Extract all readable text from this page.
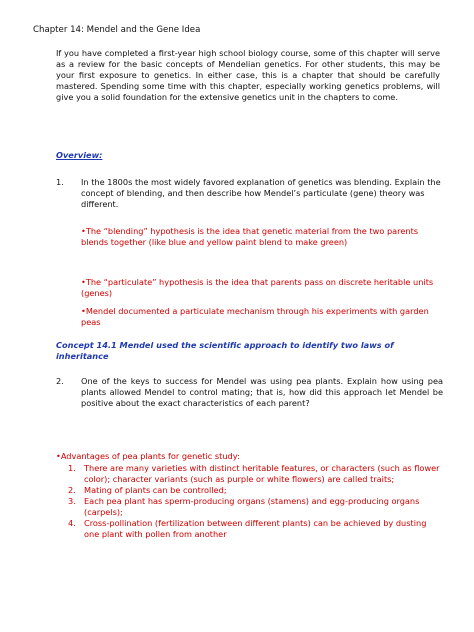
Chapter 14: Mendel and the Gene Idea
If you have completed a first-year high school biology course, some of this chapter will serve as a review for the basic concepts of Mendelian genetics. For other students, this may be your first exposure to genetics. In either case, this is a chapter that should be carefully mastered. Spending some time with this chapter, especially working genetics problems, will give you a solid foundation for the extensive genetics unit in the chapters to come.
Overview:
1. In the 1800s the most widely favored explanation of genetics was blending. Explain the concept of blending, and then describe how Mendel’s particulate (gene) theory was different.
•The “blending” hypothesis is the idea that genetic material from the two parents blends together (like blue and yellow paint blend to make green)
•The “particulate” hypothesis is the idea that parents pass on discrete heritable units (genes)
•Mendel documented a particulate mechanism through his experiments with garden peas
Concept 14.1 Mendel used the scientific approach to identify two laws of inheritance
2. One of the keys to success for Mendel was using pea plants. Explain how using pea plants allowed Mendel to control mating; that is, how did this approach let Mendel be positive about the exact characteristics of each parent?
•Advantages of pea plants for genetic study:
1. There are many varieties with distinct heritable features, or characters (such as flower color); character variants (such as purple or white flowers) are called traits;
2. Mating of plants can be controlled;
3. Each pea plant has sperm-producing organs (stamens) and egg-producing organs (carpels);
4. Cross-pollination (fertilization between different plants) can be achieved by dusting one plant with pollen from another
